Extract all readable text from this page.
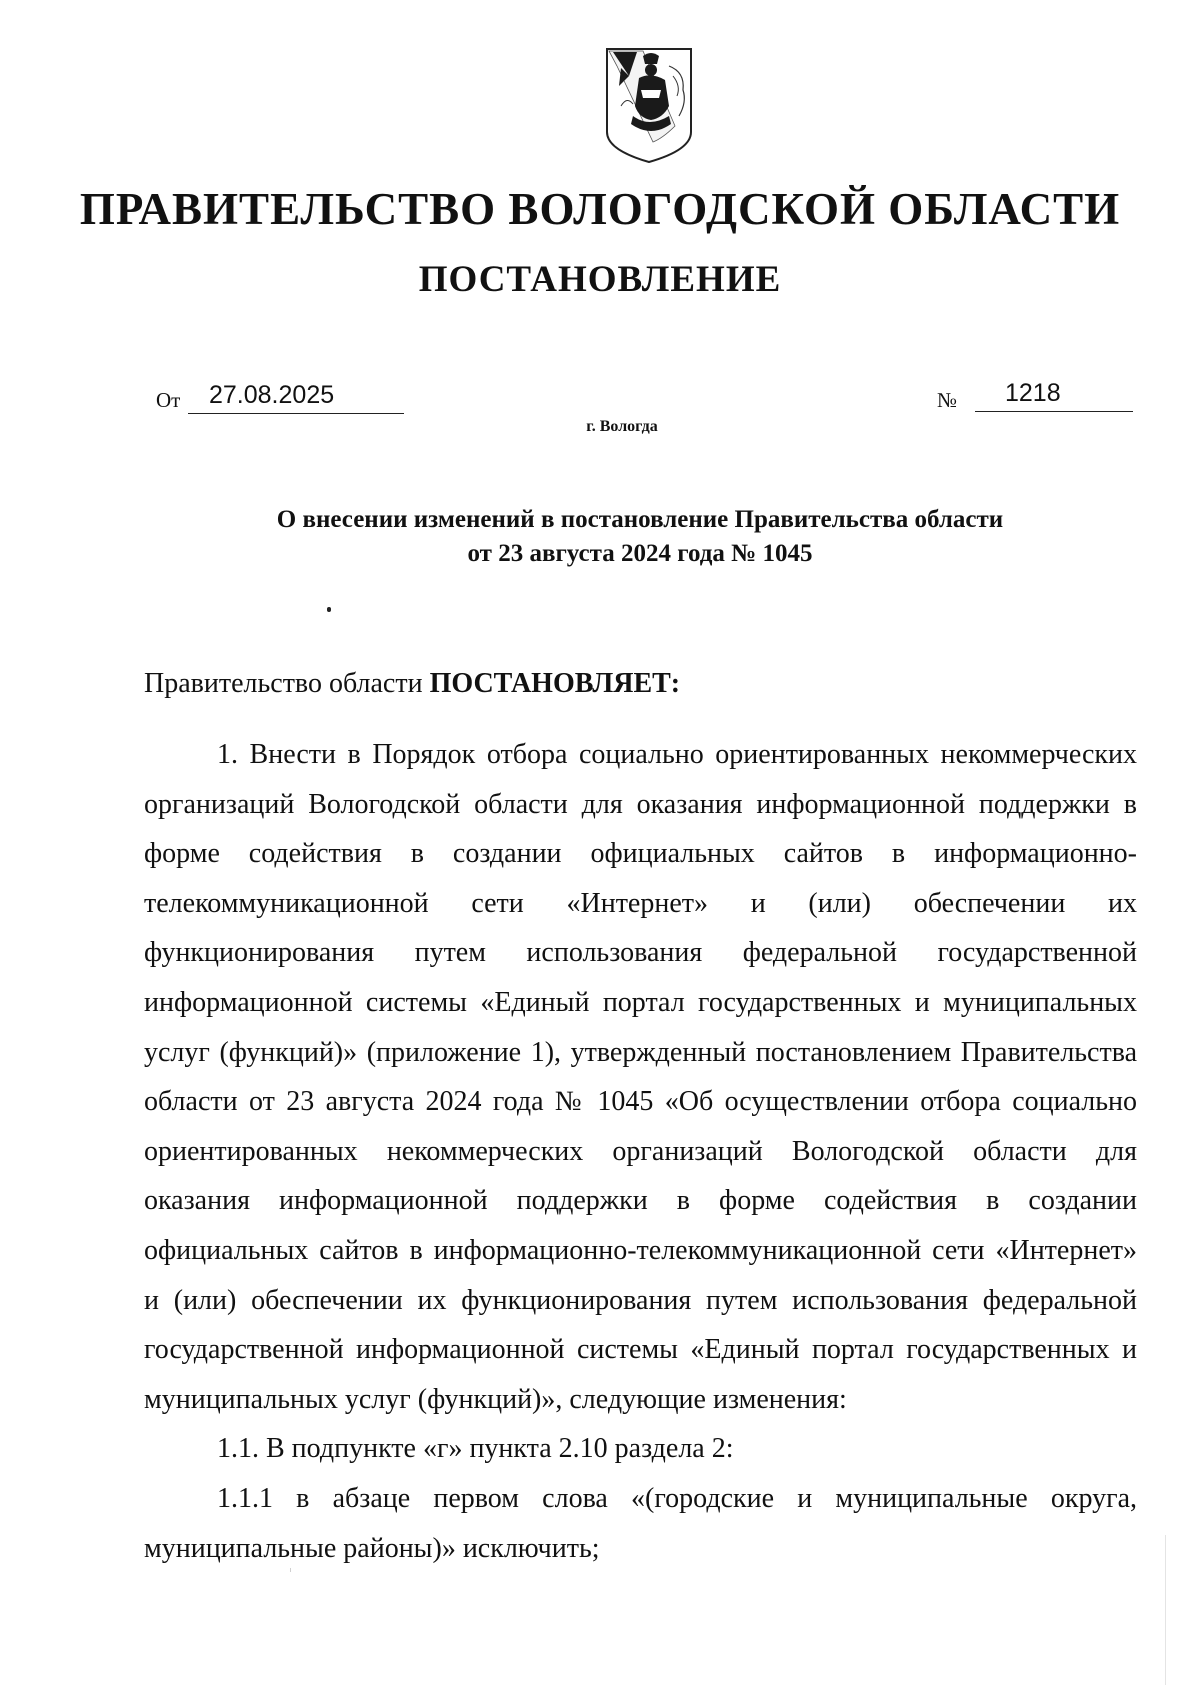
ПРАВИТЕЛЬСТВО ВОЛОГОДСКОЙ ОБЛАСТИ
ПОСТАНОВЛЕНИЕ
От 27.08.2025	№ 1218
г. Вологда
О внесении изменений в постановление Правительства области
от 23 августа 2024 года № 1045
Правительство области ПОСТАНОВЛЯЕТ:

1. Внести в Порядок отбора социально ориентированных некоммерческих организаций Вологодской области для оказания информационной поддержки в форме содействия в создании официальных сайтов в информационно-телекоммуникационной сети «Интернет» и (или) обеспечении их функционирования путем использования федеральной государственной информационной системы «Единый портал государственных и муниципальных услуг (функций)» (приложение 1), утвержденный постановлением Правительства области от 23 августа 2024 года № 1045 «Об осуществлении отбора социально ориентированных некоммерческих организаций Вологодской области для оказания информационной поддержки в форме содействия в создании официальных сайтов в информационно-телекоммуникационной сети «Интернет» и (или) обеспечении их функционирования путем использования федеральной государственной информационной системы «Единый портал государственных и муниципальных услуг (функций)», следующие изменения:

1.1. В подпункте «г» пункта 2.10 раздела 2:

1.1.1 в абзаце первом слова «(городские и муниципальные округа, муниципальные районы)» исключить;
